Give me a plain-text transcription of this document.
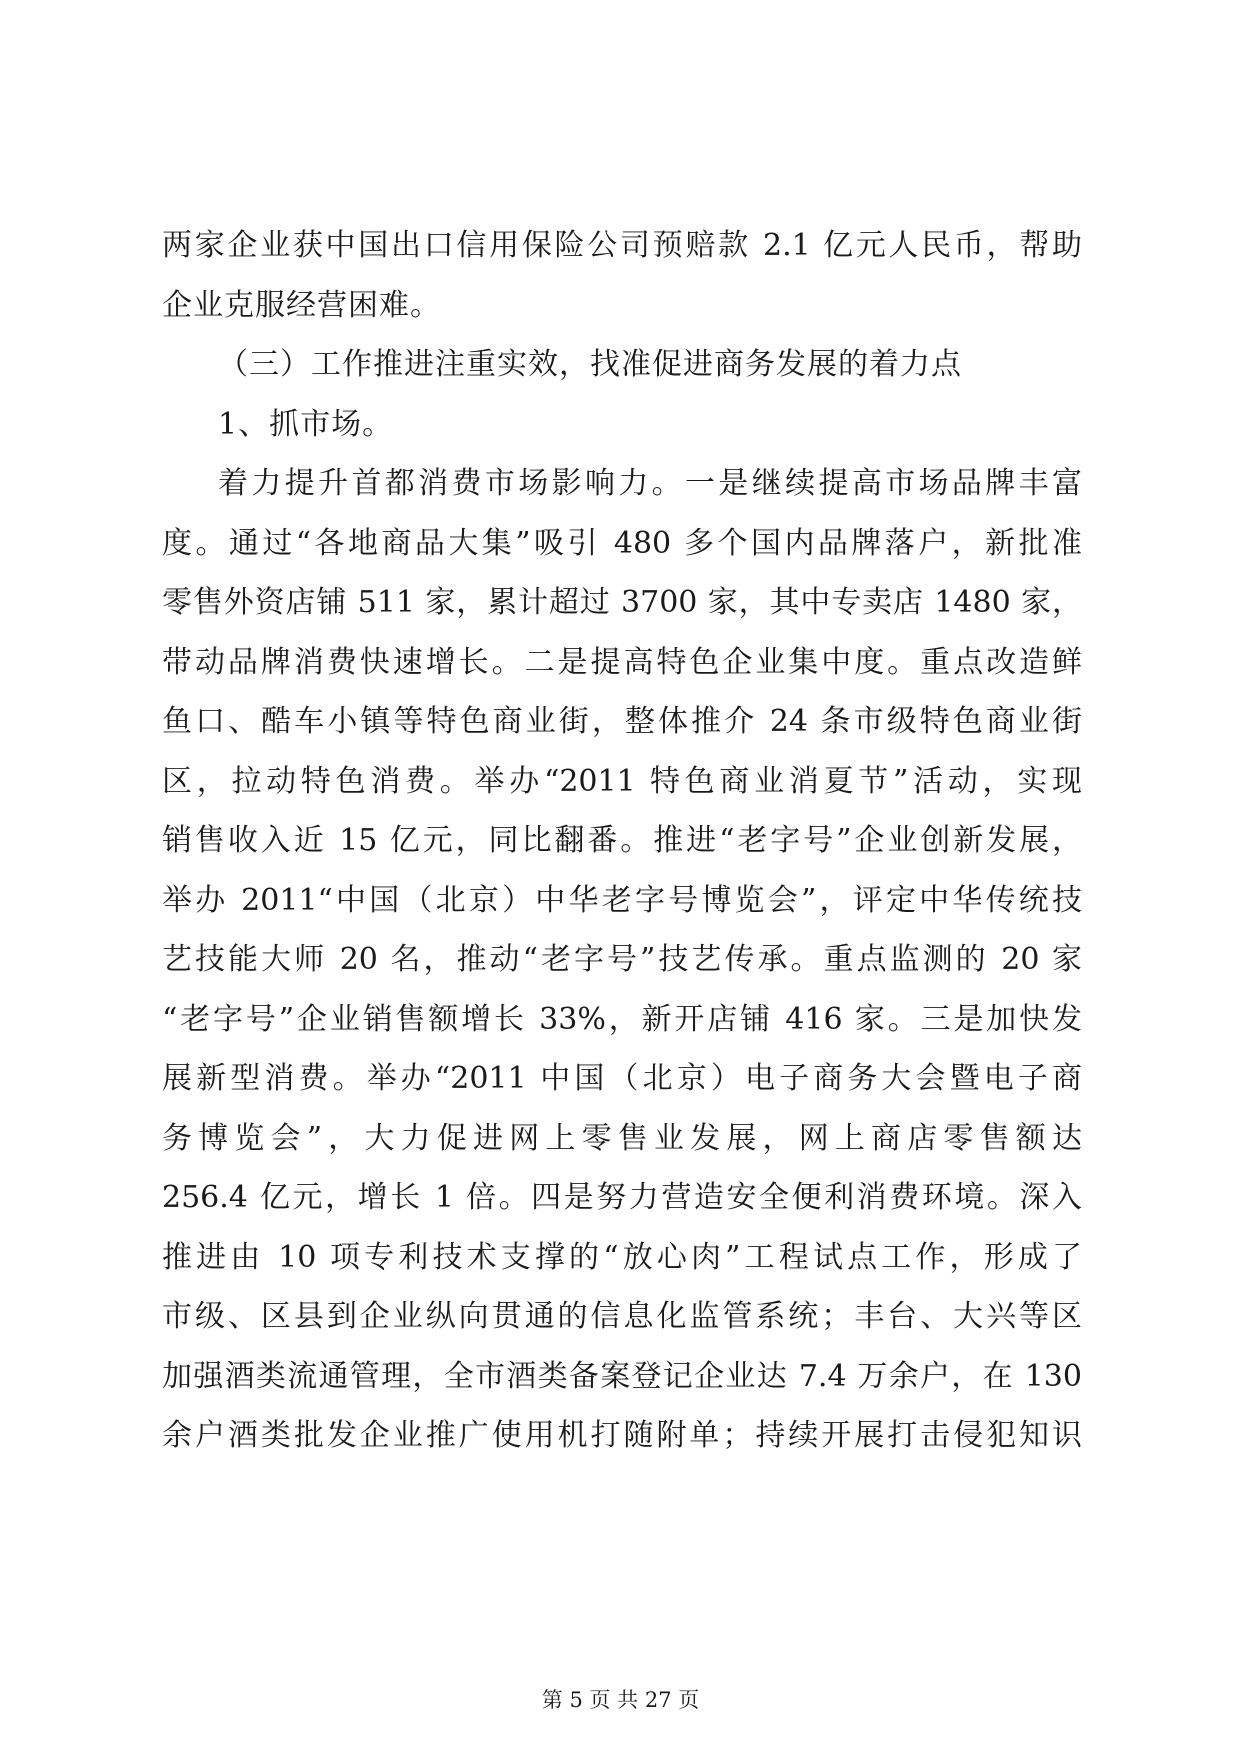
两家企业获中国出口信用保险公司预赔款 2.1 亿元人民币，帮助
企业克服经营困难。
（三）工作推进注重实效，找准促进商务发展的着力点
1、抓市场。
着力提升首都消费市场影响力。一是继续提高市场品牌丰富
度。通过“各地商品大集”吸引 480 多个国内品牌落户，新批准
零售外资店铺 511 家，累计超过 3700 家，其中专卖店 1480 家，
带动品牌消费快速增长。二是提高特色企业集中度。重点改造鲜
鱼口、酷车小镇等特色商业街，整体推介 24 条市级特色商业街
区，拉动特色消费。举办“2011 特色商业消夏节”活动，实现
销售收入近 15 亿元，同比翻番。推进“老字号”企业创新发展，
举办 2011“中国（北京）中华老字号博览会”，评定中华传统技
艺技能大师 20 名，推动“老字号”技艺传承。重点监测的 20 家
“老字号”企业销售额增长 33%，新开店铺 416 家。三是加快发
展新型消费。举办“2011 中国（北京）电子商务大会暨电子商
务博览会”，大力促进网上零售业发展，网上商店零售额达
256.4 亿元，增长 1 倍。四是努力营造安全便利消费环境。深入
推进由 10 项专利技术支撑的“放心肉”工程试点工作，形成了
市级、区县到企业纵向贯通的信息化监管系统；丰台、大兴等区
加强酒类流通管理，全市酒类备案登记企业达 7.4 万余户，在 130
余户酒类批发企业推广使用机打随附单；持续开展打击侵犯知识
第 5 页 共 27 页
